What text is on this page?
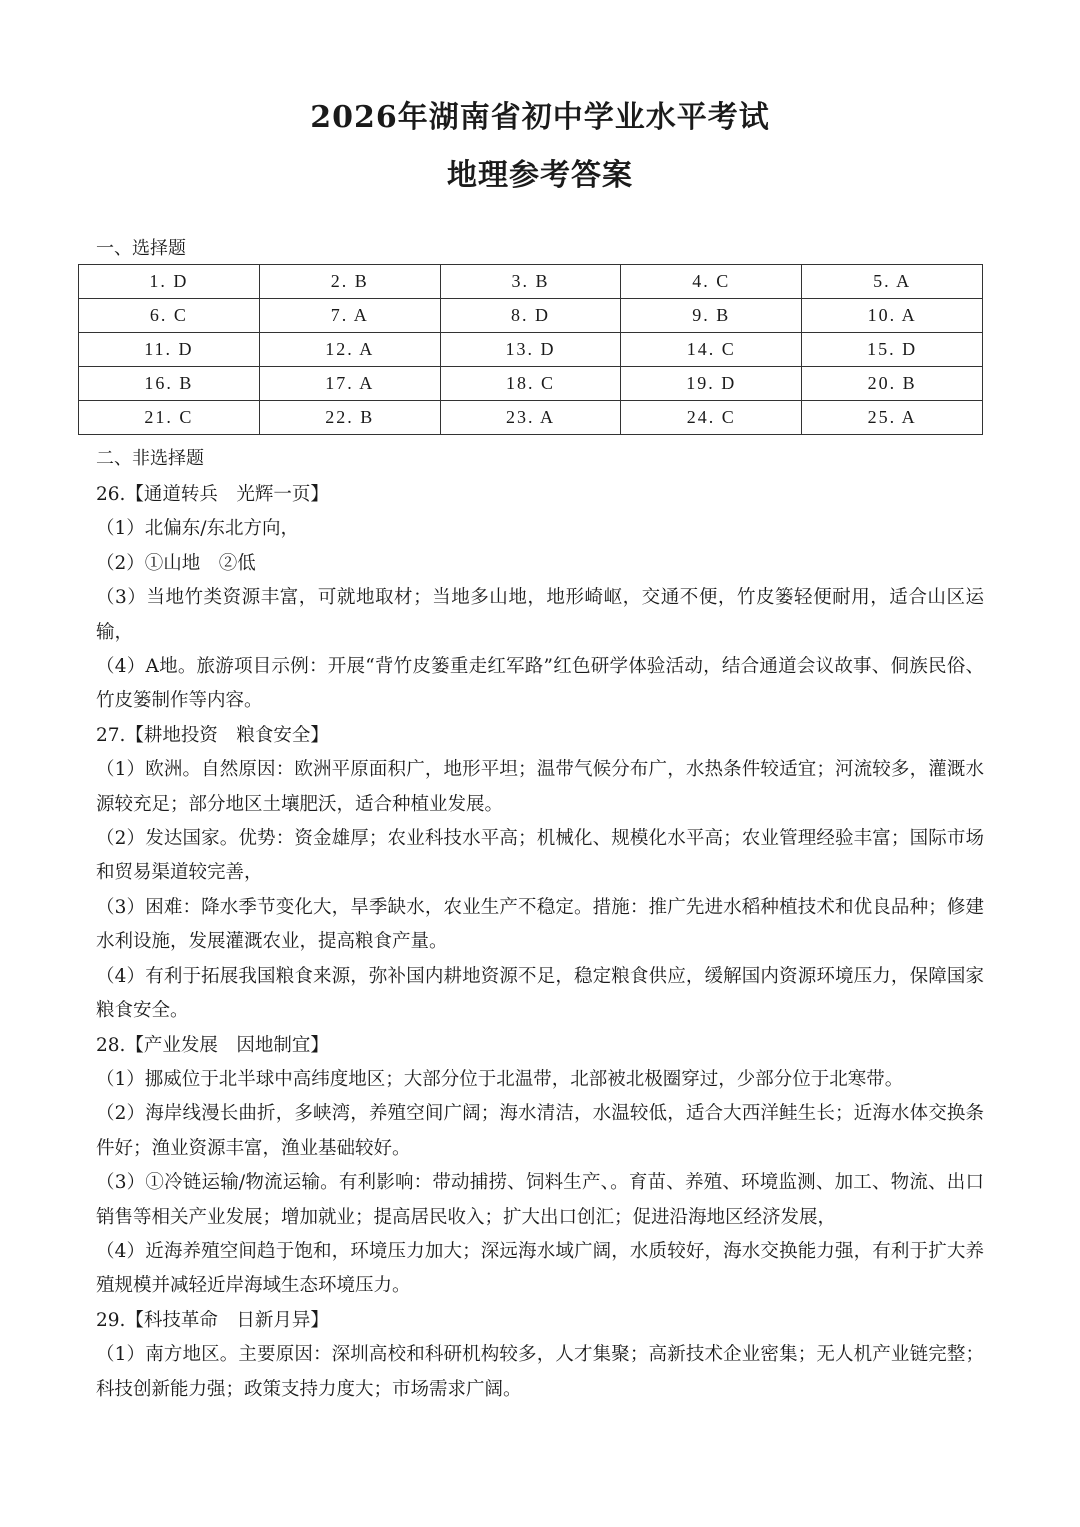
2026年湖南省初中学业水平考试
地理参考答案
一、选择题
1. D	2. B	3. B	4. C	5. A
6. C	7. A	8. D	9. B	10. A
11. D	12. A	13. D	14. C	15. D
16. B	17. A	18. C	19. D	20. B
21. C	22. B	23. A	24. C	25. A
二、非选择题
26.【通道转兵　光辉一页】
（1）北偏东/东北方向，
（2）①山地　②低
（3）当地竹类资源丰富，可就地取材；当地多山地，地形崎岖，交通不便，竹皮篓轻便耐用，适合山区运输，
（4）A地。旅游项目示例：开展“背竹皮篓重走红军路”红色研学体验活动，结合通道会议故事、侗族民俗、竹皮篓制作等内容。
27.【耕地投资　粮食安全】
（1）欧洲。自然原因：欧洲平原面积广，地形平坦；温带气候分布广，水热条件较适宜；河流较多，灌溉水源较充足；部分地区土壤肥沃，适合种植业发展。
（2）发达国家。优势：资金雄厚；农业科技水平高；机械化、规模化水平高；农业管理经验丰富；国际市场和贸易渠道较完善，
（3）困难：降水季节变化大，旱季缺水，农业生产不稳定。措施：推广先进水稻种植技术和优良品种；修建水利设施，发展灌溉农业，提高粮食产量。
（4）有利于拓展我国粮食来源，弥补国内耕地资源不足，稳定粮食供应，缓解国内资源环境压力，保障国家粮食安全。
28.【产业发展　因地制宜】
（1）挪威位于北半球中高纬度地区；大部分位于北温带，北部被北极圈穿过，少部分位于北寒带。
（2）海岸线漫长曲折，多峡湾，养殖空间广阔；海水清洁，水温较低，适合大西洋鲑生长；近海水体交换条件好；渔业资源丰富，渔业基础较好。
（3）①冷链运输/物流运输。有利影响：带动捕捞、饲料生产、。育苗、养殖、环境监测、加工、物流、出口销售等相关产业发展；增加就业；提高居民收入；扩大出口创汇；促进沿海地区经济发展，
（4）近海养殖空间趋于饱和，环境压力加大；深远海水域广阔，水质较好，海水交换能力强，有利于扩大养殖规模并减轻近岸海域生态环境压力。
29.【科技革命　日新月异】
（1）南方地区。主要原因：深圳高校和科研机构较多，人才集聚；高新技术企业密集；无人机产业链完整；科技创新能力强；政策支持力度大；市场需求广阔。
